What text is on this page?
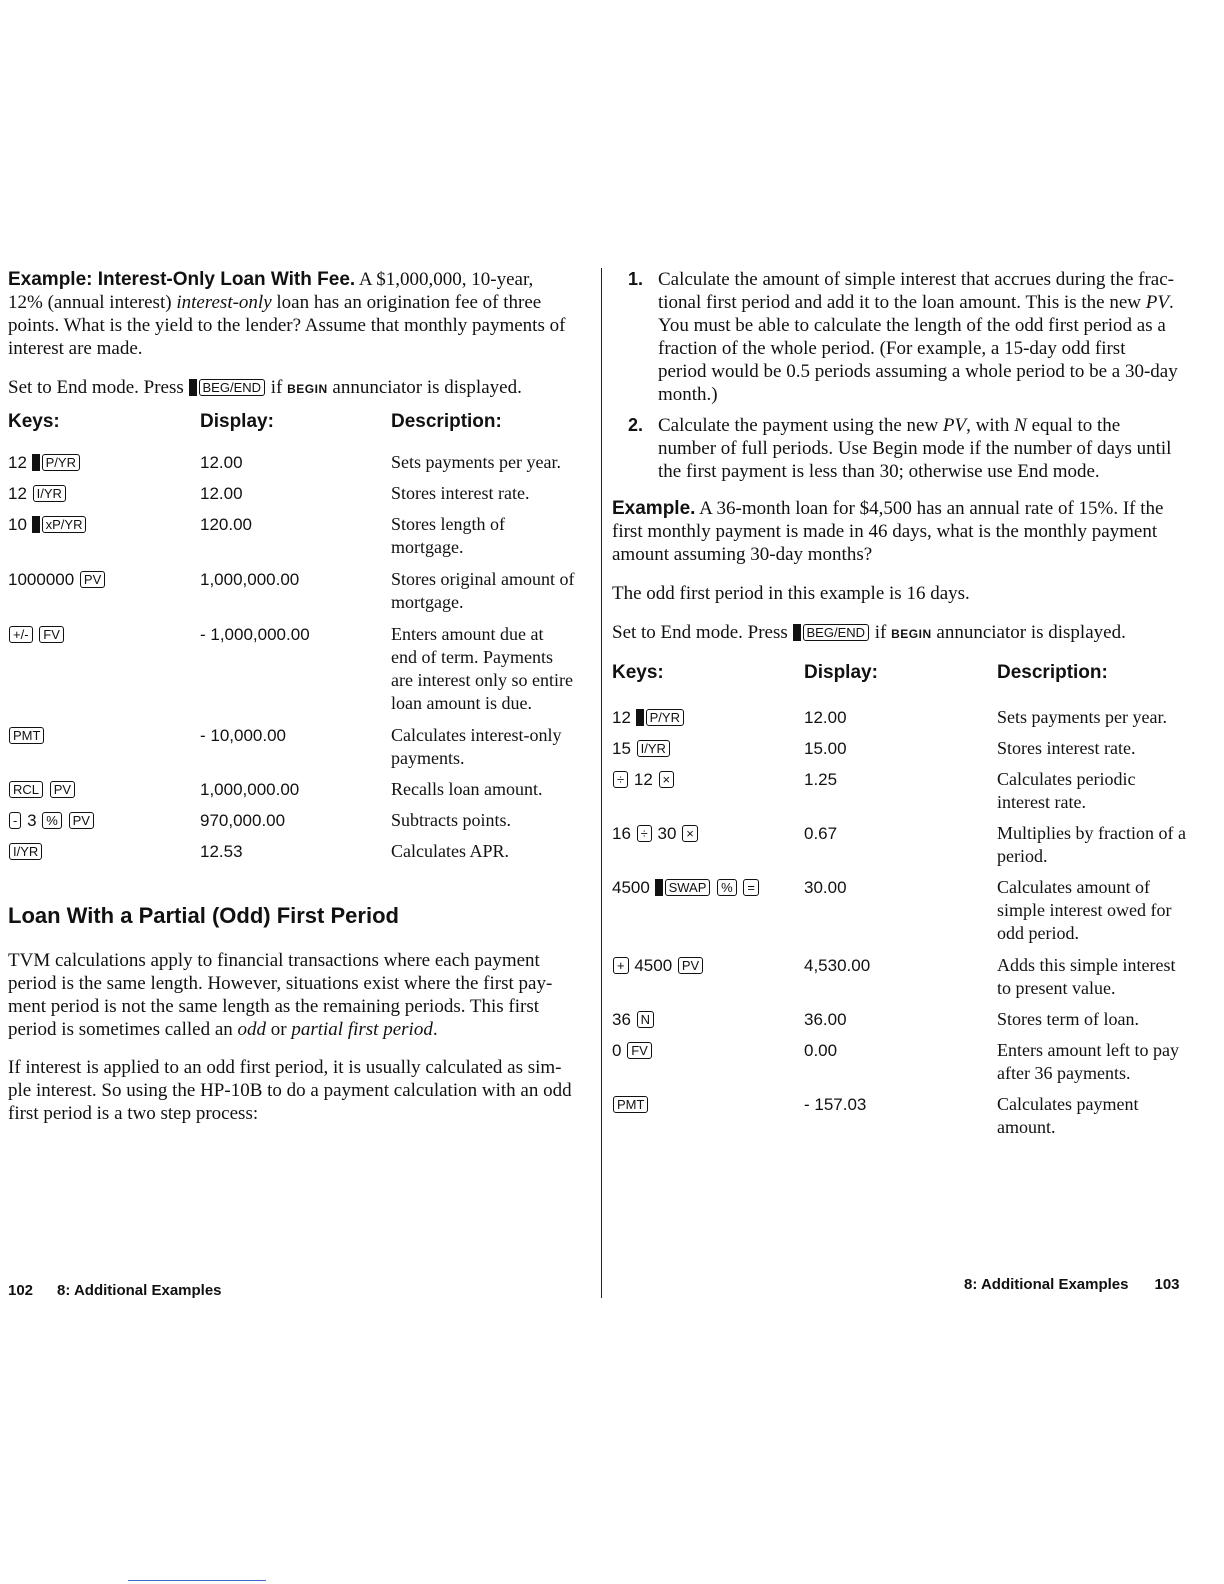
Example: Interest-Only Loan With Fee. A $1,000,000, 10-year,
12% (annual interest) interest-only loan has an origination fee of three
points. What is the yield to the lender? Assume that monthly payments of
interest are made.

Set to End mode. Press BEG/END if BEGIN annunciator is displayed.

Keys:	Display:	Description:
12 P/YR	12.00	Sets payments per year.
12 I/YR	12.00	Stores interest rate.
10 xP/YR	120.00	Stores length of
mortgage.
1000000 PV	1,000,000.00	Stores original amount of
mortgage.
+/- FV	- 1,000,000.00	Enters amount due at
end of term. Payments
are interest only so entire
loan amount is due.
PMT	- 10,000.00	Calculates interest-only
payments.
RCL PV	1,000,000.00	Recalls loan amount.
- 3 % PV	970,000.00	Subtracts points.
I/YR	12.53	Calculates APR.
Loan With a Partial (Odd) First Period

TVM calculations apply to financial transactions where each payment
period is the same length. However, situations exist where the first pay-
ment period is not the same length as the remaining periods. This first
period is sometimes called an odd or partial first period.

If interest is applied to an odd first period, it is usually calculated as sim-
ple interest. So using the HP-10B to do a payment calculation with an odd
first period is a two step process:

1. Calculate the amount of simple interest that accrues during the frac-
tional first period and add it to the loan amount. This is the new PV.
You must be able to calculate the length of the odd first period as a
fraction of the whole period. (For example, a 15-day odd first
period would be 0.5 periods assuming a whole period to be a 30-day
month.)
2. Calculate the payment using the new PV, with N equal to the
number of full periods. Use Begin mode if the number of days until
the first payment is less than 30; otherwise use End mode.

Example. A 36-month loan for $4,500 has an annual rate of 15%. If the
first monthly payment is made in 46 days, what is the monthly payment
amount assuming 30-day months?

The odd first period in this example is 16 days.

Set to End mode. Press BEG/END if BEGIN annunciator is displayed.

Keys:	Display:	Description:
12 P/YR	12.00	Sets payments per year.
15 I/YR	15.00	Stores interest rate.
÷ 12 ×	1.25	Calculates periodic
interest rate.
16 ÷ 30 ×	0.67	Multiplies by fraction of a
period.
4500 SWAP % =	30.00	Calculates amount of
simple interest owed for
odd period.
+ 4500 PV	4,530.00	Adds this simple interest
to present value.
36 N	36.00	Stores term of loan.
0 FV	0.00	Enters amount left to pay
after 36 payments.
PMT	- 157.03	Calculates payment
amount.
102 8: Additional Examples	8: Additional Examples 103
